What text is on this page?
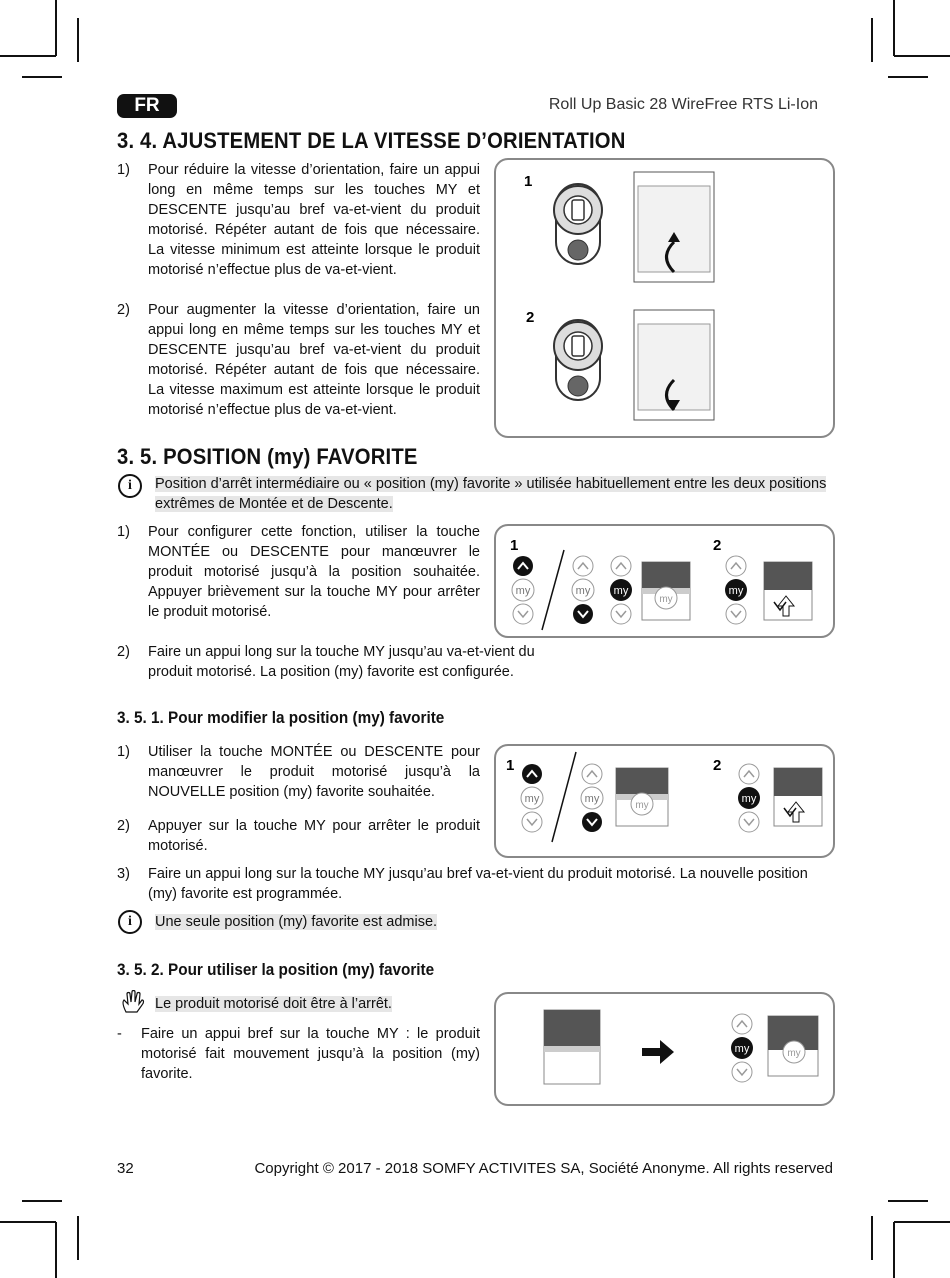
FR	Roll Up Basic 28 WireFree RTS Li-Ion
3. 4. AJUSTEMENT DE LA VITESSE D’ORIENTATION
1) Pour réduire la vitesse d’orientation, faire un appui long en même temps sur les touches MY et DESCENTE jusqu’au bref va-et-vient du produit motorisé. Répéter autant de fois que nécessaire. La vitesse minimum est atteinte lorsque le produit motorisé n’effectue plus de va-et-vient.
2) Pour augmenter la vitesse d’orientation, faire un appui long en même temps sur les touches MY et DESCENTE jusqu’au bref va-et-vient du produit motorisé. Répéter autant de fois que nécessaire. La vitesse maximum est atteinte lorsque le produit motorisé n’effectue plus de va-et-vient.
1
2
3. 5. POSITION (my) FAVORITE
i	Position d’arrêt intermédiaire ou « position (my) favorite » utilisée habituellement entre les deux positions extrêmes de Montée et de Descente.
1) Pour configurer cette fonction, utiliser la touche MONTÉE ou DESCENTE pour manœuvrer le produit motorisé jusqu’à la position souhaitée. Appuyer brièvement sur la touche MY pour arrêter le produit motorisé.
2) Faire un appui long sur la touche MY jusqu’au va-et-vient du produit motorisé. La position (my) favorite est configurée.
1	2
my	my my
my
my
3. 5. 1. Pour modifier la position (my) favorite
1) Utiliser la touche MONTÉE ou DESCENTE pour manœuvrer le produit motorisé jusqu’à la NOUVELLE position (my) favorite souhaitée.
2) Appuyer sur la touche MY pour arrêter le produit motorisé.
3) Faire un appui long sur la touche MY jusqu’au bref va-et-vient du produit motorisé. La nouvelle position (my) favorite est programmée.
i	Une seule position (my) favorite est admise.
1	2
my	my
my
my
3. 5. 2. Pour utiliser la position (my) favorite
Le produit motorisé doit être à l’arrêt.
- Faire un appui bref sur la touche MY : le produit motorisé fait mouvement jusqu’à la position (my) favorite.
my	my
32	Copyright © 2017 - 2018 SOMFY ACTIVITES SA, Société Anonyme. All rights reserved
